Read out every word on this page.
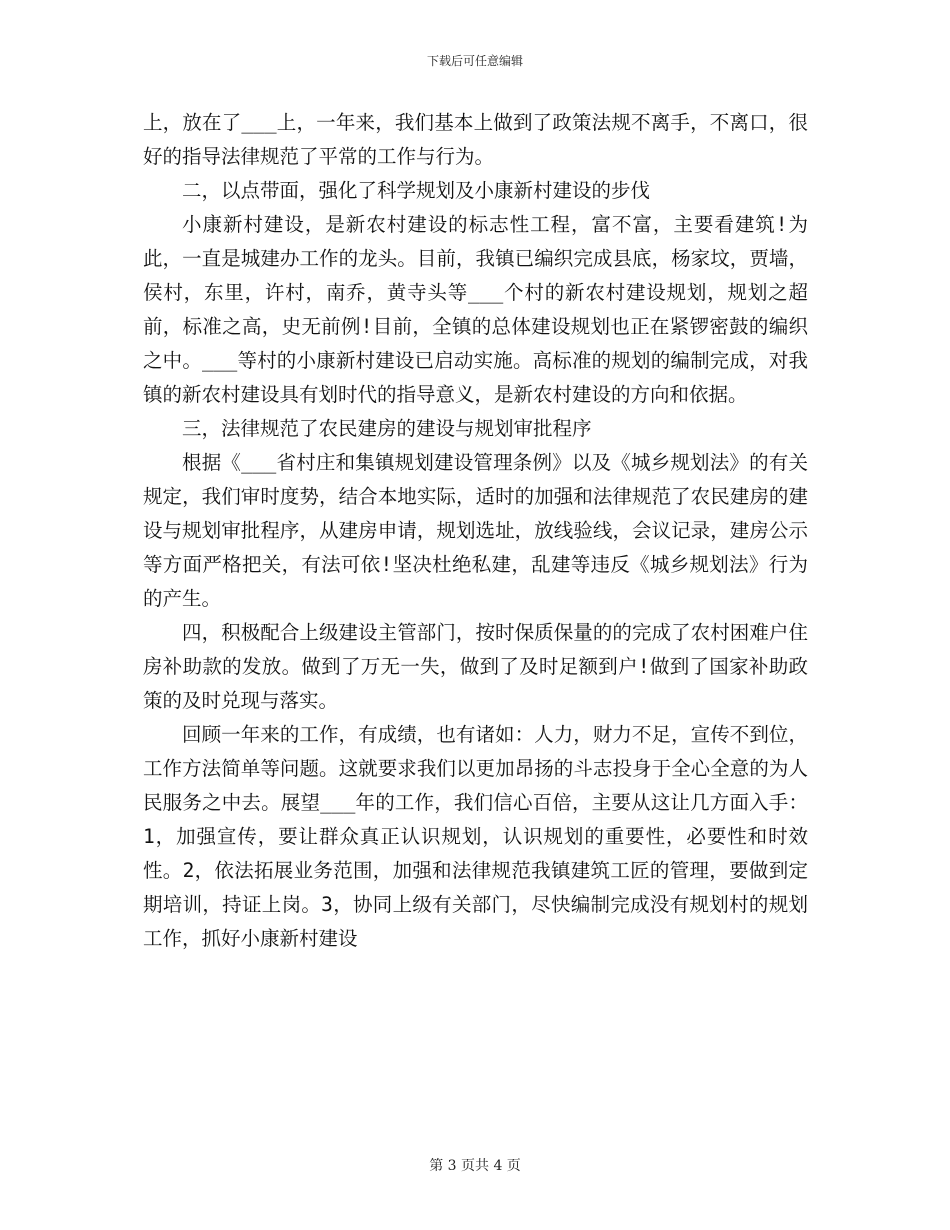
下载后可任意编辑

上，放在了___上，一年来，我们基本上做到了政策法规不离手，不离口，很好的指导法律规范了平常的工作与行为。

二，以点带面，强化了科学规划及小康新村建设的步伐

小康新村建设，是新农村建设的标志性工程，富不富，主要看建筑!为此，一直是城建办工作的龙头。目前，我镇已编织完成县底，杨家坟，贾墙，侯村，东里，许村，南乔，黄寺头等___个村的新农村建设规划，规划之超前，标准之高，史无前例!目前，全镇的总体建设规划也正在紧锣密鼓的编织之中。___等村的小康新村建设已启动实施。高标准的规划的编制完成，对我镇的新农村建设具有划时代的指导意义，是新农村建设的方向和依据。

三，法律规范了农民建房的建设与规划审批程序

根据《___省村庄和集镇规划建设管理条例》以及《城乡规划法》的有关规定，我们审时度势，结合本地实际，适时的加强和法律规范了农民建房的建设与规划审批程序，从建房申请，规划选址，放线验线，会议记录，建房公示等方面严格把关，有法可依!坚决杜绝私建，乱建等违反《城乡规划法》行为的产生。

四，积极配合上级建设主管部门，按时保质保量的的完成了农村困难户住房补助款的发放。做到了万无一失，做到了及时足额到户!做到了国家补助政策的及时兑现与落实。

回顾一年来的工作，有成绩，也有诸如：人力，财力不足，宣传不到位，工作方法简单等问题。这就要求我们以更加昂扬的斗志投身于全心全意的为人民服务之中去。展望___年的工作，我们信心百倍，主要从这让几方面入手：1，加强宣传，要让群众真正认识规划，认识规划的重要性，必要性和时效性。2，依法拓展业务范围，加强和法律规范我镇建筑工匠的管理，要做到定期培训，持证上岗。3，协同上级有关部门，尽快编制完成没有规划村的规划工作，抓好小康新村建设

第 3 页共 4 页
